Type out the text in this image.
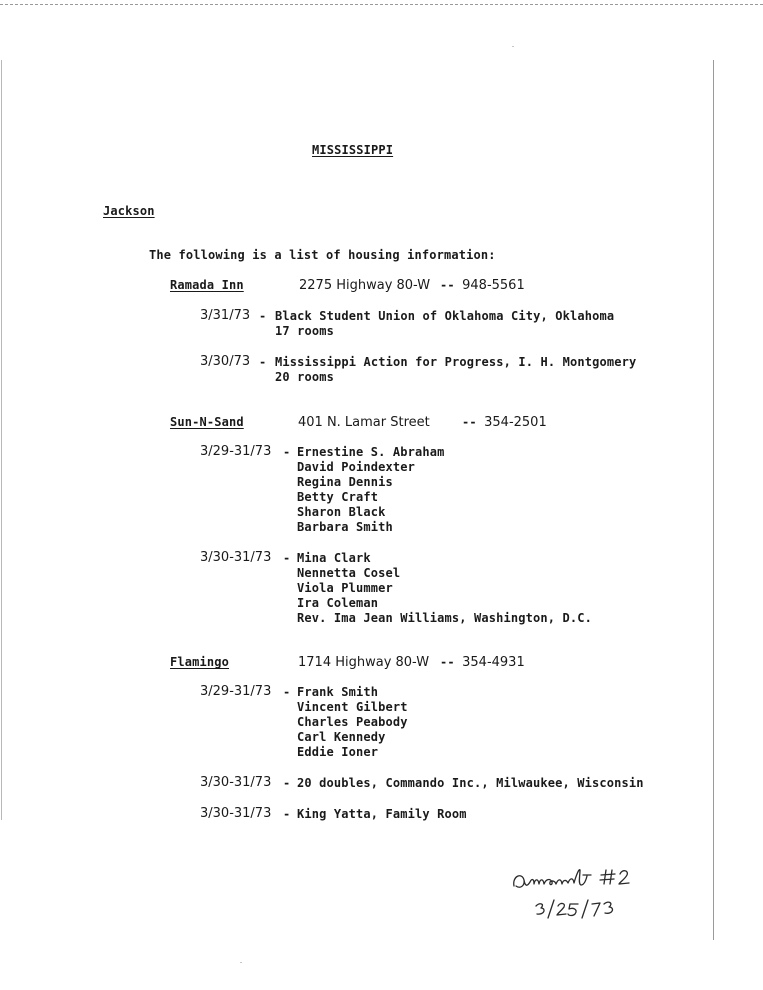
MISSISSIPPI
Jackson
The following is a list of housing information:
Ramada Inn	2275 Highway 80-W -- 948-5561
3/31/73 - Black Student Union of Oklahoma City, Oklahoma
17 rooms
3/30/73 - Mississippi Action for Progress, I. H. Montgomery
20 rooms
Sun-N-Sand	401 N. Lamar Street	-- 354-2501
3/29-31/73 - Ernestine S. Abraham
David Poindexter
Regina Dennis
Betty Craft
Sharon Black
Barbara Smith
3/30-31/73 - Mina Clark
Nennetta Cosel
Viola Plummer
Ira Coleman
Rev. Ima Jean Williams, Washington, D.C.
Flamingo	1714 Highway 80-W -- 354-4931
3/29-31/73 - Frank Smith
Vincent Gilbert
Charles Peabody
Carl Kennedy
Eddie Ioner
3/30-31/73 - 20 doubles, Commando Inc., Milwaukee, Wisconsin
3/30-31/73 - King Yatta, Family Room
